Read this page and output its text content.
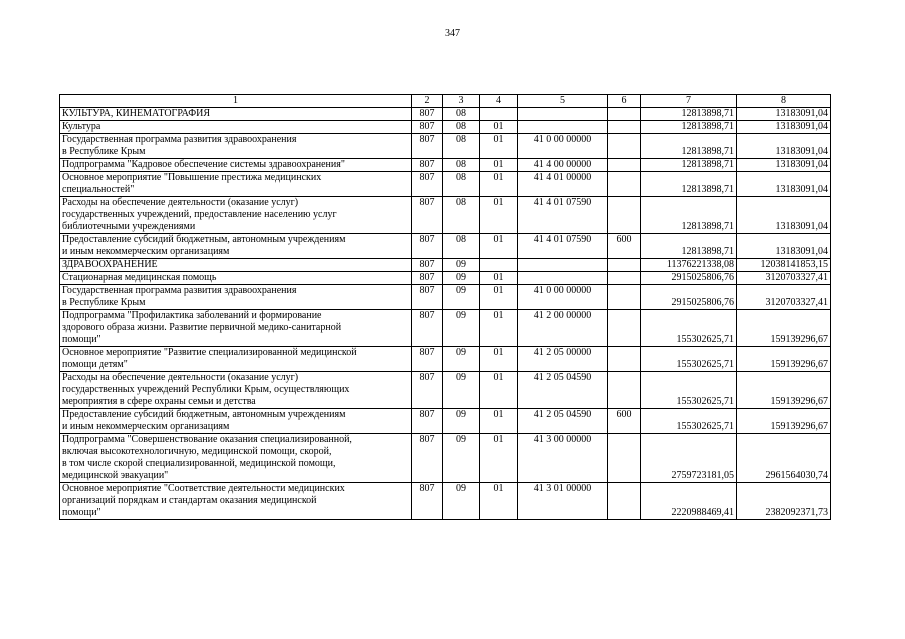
347
1	2	3	4	5	6	7	8
КУЛЬТУРА, КИНЕМАТОГРАФИЯ	807	08				12813898,71	13183091,04
Культура	807	08	01			12813898,71	13183091,04
Государственная программа развития здравоохранения
в Республике Крым	807	08	01	41 0 00 00000		12813898,71	13183091,04
Подпрограмма "Кадровое обеспечение системы здравоохранения"	807	08	01	41 4 00 00000		12813898,71	13183091,04
Основное мероприятие "Повышение престижа медицинских
специальностей"	807	08	01	41 4 01 00000		12813898,71	13183091,04
Расходы на обеспечение деятельности (оказание услуг)
государственных учреждений, предоставление населению услуг
библиотечными учреждениями	807	08	01	41 4 01 07590		12813898,71	13183091,04
Предоставление субсидий бюджетным, автономным учреждениям
и иным некоммерческим организациям	807	08	01	41 4 01 07590	600	12813898,71	13183091,04
ЗДРАВООХРАНЕНИЕ	807	09				11376221338,08	12038141853,15
Стационарная медицинская помощь	807	09	01			2915025806,76	3120703327,41
Государственная программа развития здравоохранения
в Республике Крым	807	09	01	41 0 00 00000		2915025806,76	3120703327,41
Подпрограмма "Профилактика заболеваний и формирование
здорового образа жизни. Развитие первичной медико-санитарной
помощи"	807	09	01	41 2 00 00000		155302625,71	159139296,67
Основное мероприятие "Развитие специализированной медицинской
помощи детям"	807	09	01	41 2 05 00000		155302625,71	159139296,67
Расходы на обеспечение деятельности (оказание услуг)
государственных учреждений Республики Крым, осуществляющих
мероприятия в сфере охраны семьи и детства	807	09	01	41 2 05 04590		155302625,71	159139296,67
Предоставление субсидий бюджетным, автономным учреждениям
и иным некоммерческим организациям	807	09	01	41 2 05 04590	600	155302625,71	159139296,67
Подпрограмма "Совершенствование оказания специализированной,
включая высокотехнологичную, медицинской помощи, скорой,
в том числе скорой специализированной, медицинской помощи,
медицинской эвакуации"	807	09	01	41 3 00 00000		2759723181,05	2961564030,74
Основное мероприятие "Соответствие деятельности медицинских
организаций порядкам и стандартам оказания медицинской
помощи"	807	09	01	41 3 01 00000		2220988469,41	2382092371,73
